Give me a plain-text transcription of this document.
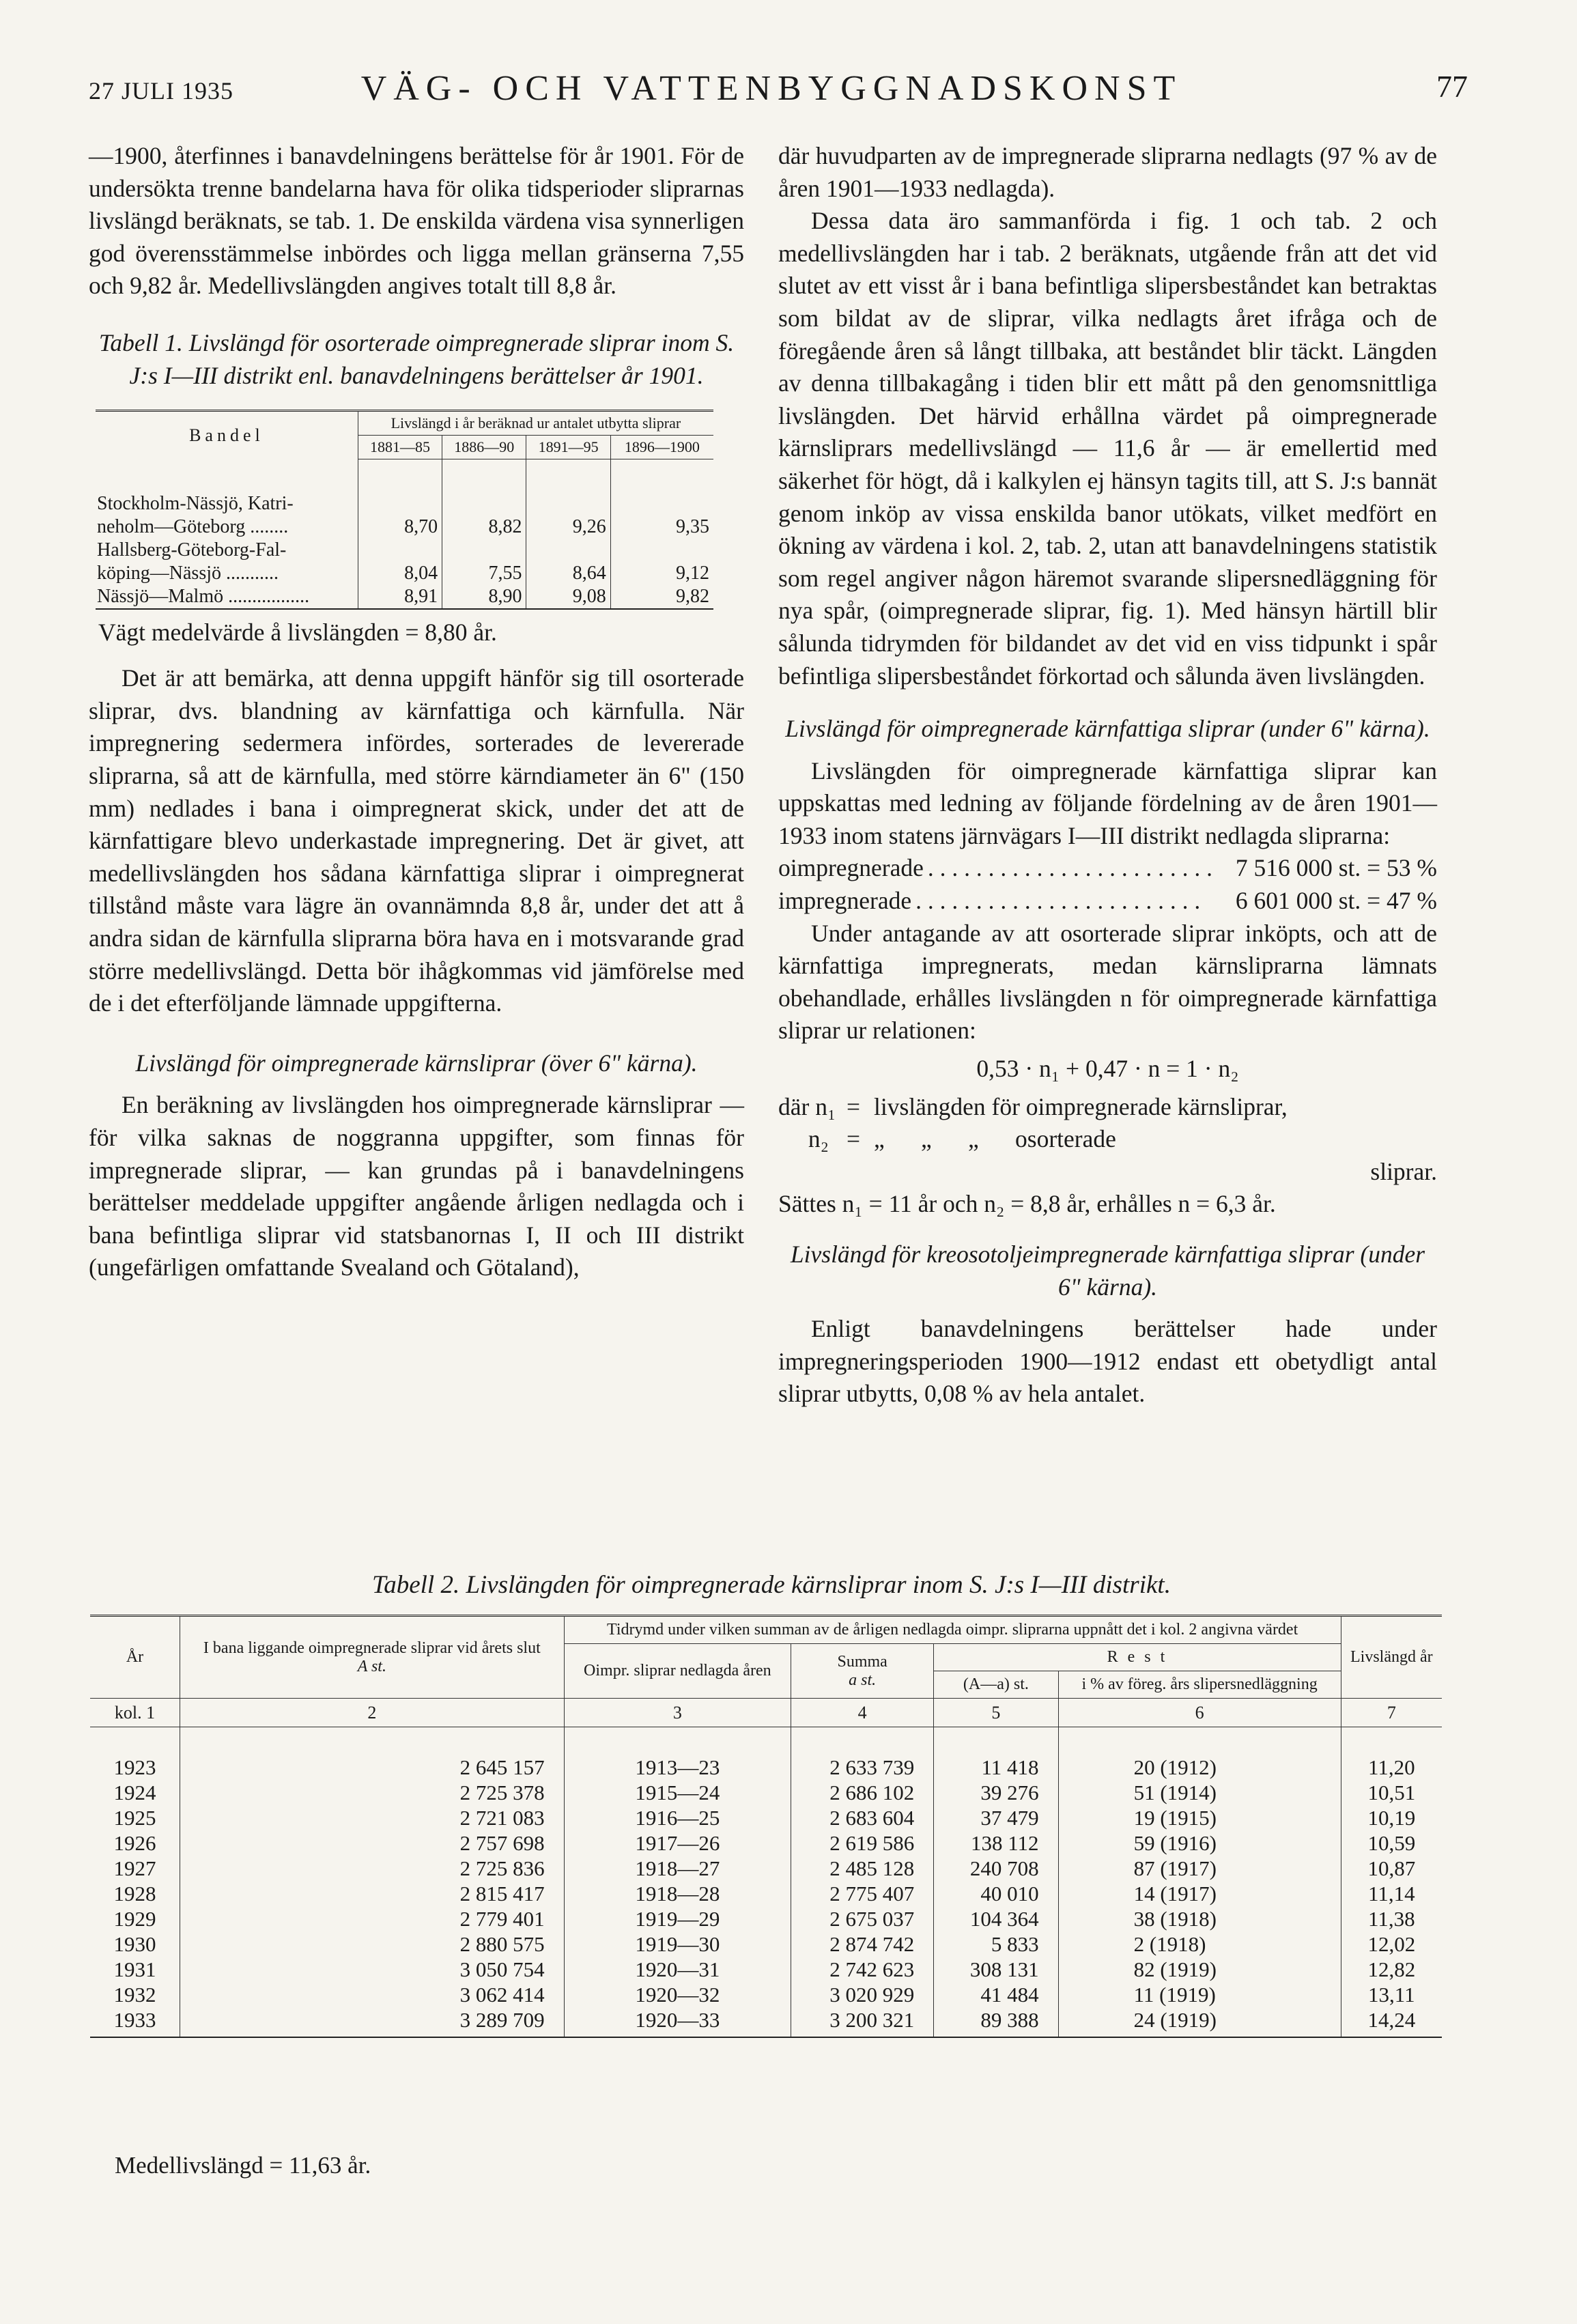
27 JULI 1935	VÄG- OCH VATTENBYGGNADSKONST	77

—1900, återfinnes i banavdelningens berättelse för år 1901. För de undersökta trenne bandelarna hava för olika tidsperioder sliprarnas livslängd beräknats, se tab. 1. De enskilda värdena visa synnerligen god överensstämmelse inbördes och ligga mellan gränserna 7,55 och 9,82 år. Medellivslängden angives totalt till 8,8 år.

Tabell 1. Livslängd för osorterade oimpregnerade sliprar inom S. J:s I—III distrikt enl. banavdelningens berättelser år 1901.

Bandel	Livslängd i år beräknad ur antalet utbytta sliprar			
	1881—85	1886—90	1891—95	1896—1900
Stockholm-Nässjö, Katri-
neholm—Göteborg ........	8,70	8,82	9,26	9,35
Hallsberg-Göteborg-Fal-
köping—Nässjö ...........	8,04	7,55	8,64	9,12
Nässjö—Malmö .................	8,91	8,90	9,08	9,82

Vägt medelvärde å livslängden = 8,80 år.

Det är att bemärka, att denna uppgift hänför sig till osorterade sliprar, dvs. blandning av kärnfattiga och kärnfulla. När impregnering sedermera infördes, sorterades de levererade sliprarna, så att de kärnfulla, med större kärndiameter än 6" (150 mm) nedlades i bana i oimpregnerat skick, under det att de kärnfattigare blevo underkastade impregnering. Det är givet, att medellivslängden hos sådana kärnfattiga sliprar i oimpregnerat tillstånd måste vara lägre än ovannämnda 8,8 år, under det att å andra sidan de kärnfulla sliprarna böra hava en i motsvarande grad större medellivslängd. Detta bör ihågkommas vid jämförelse med de i det efterföljande lämnade uppgifterna.

Livslängd för oimpregnerade kärnsliprar (över 6" kärna).

En beräkning av livslängden hos oimpregnerade kärnsliprar — för vilka saknas de noggranna uppgifter, som finnas för impregnerade sliprar, — kan grundas på i banavdelningens berättelser meddelade uppgifter angående årligen nedlagda och i bana befintliga sliprar vid statsbanornas I, II och III distrikt (ungefärligen omfattande Svealand och Götaland),

där huvudparten av de impregnerade sliprarna nedlagts (97 % av de åren 1901—1933 nedlagda).

Dessa data äro sammanförda i fig. 1 och tab. 2 och medellivslängden har i tab. 2 beräknats, utgående från att det vid slutet av ett visst år i bana befintliga slipersbeståndet kan betraktas som bildat av de sliprar, vilka nedlagts året ifråga och de föregående åren så långt tillbaka, att beståndet blir täckt. Längden av denna tillbakagång i tiden blir ett mått på den genomsnittliga livslängden. Det härvid erhållna värdet på oimpregnerade kärnsliprars medellivslängd — 11,6 år — är emellertid med säkerhet för högt, då i kalkylen ej hänsyn tagits till, att S. J:s bannät genom inköp av vissa enskilda banor utökats, vilket medfört en ökning av värdena i kol. 2, tab. 2, utan att banavdelningens statistik som regel angiver någon häremot svarande slipersnedläggning för nya spår, (oimpregnerade sliprar, fig. 1). Med hänsyn härtill blir sålunda tidrymden för bildandet av det vid en viss tidpunkt i spår befintliga slipersbeståndet förkortad och sålunda även livslängden.

Livslängd för oimpregnerade kärnfattiga sliprar (under 6" kärna).

Livslängden för oimpregnerade kärnfattiga sliprar kan uppskattas med ledning av följande fördelning av de åren 1901—1933 inom statens järnvägars I—III distrikt nedlagda sliprarna:

oimpregnerade . . . . . . . . . . . . . . . . . . . . . . . . 7 516 000 st. = 53 %
impregnerade . . . . . . . . . . . . . . . . . . . . . . . .	6 601 000 st. = 47 %

Under antagande av att osorterade sliprar inköpts, och att de kärnfattiga impregnerats, medan kärnsliprarna lämnats obehandlade, erhålles livslängden n för oimpregnerade kärnfattiga sliprar ur relationen:

0,53 · n₁ + 0,47 · n = 1 · n₂

där n₁ = livslängden för oimpregnerade kärnsliprar,
n₂ = „      „      „      osorterade
sliprar.

Sättes n₁ = 11 år och n₂ = 8,8 år, erhålles n = 6,3 år.

Livslängd för kreosotoljeimpregnerade kärnfattiga sliprar (under 6" kärna).

Enligt banavdelningens berättelser hade under impregneringsperioden 1900—1912 endast ett obetydligt antal sliprar utbytts, 0,08 % av hela antalet.

Tabell 2. Livslängden för oimpregnerade kärnsliprar inom S. J:s I—III distrikt.
År	I bana liggande oimpregnerade sliprar vid årets slut
A st.	Tidrymd under vilken summan av de årligen nedlagda oimpr. sliprarna uppnått det i kol. 2 angivna värdet				Livslängd år
		Oimpr. sliprar nedlagda åren	Summa
a st.	R e s t		
				(A—a) st.	i % av föreg. års slipersnedläggning	
kol. 1	2	3	4	5	6	7
1923	2 645 157	1913—23	2 633 739	11 418	20 (1912)	11,20
1924	2 725 378	1915—24	2 686 102	39 276	51 (1914)	10,51
1925	2 721 083	1916—25	2 683 604	37 479	19 (1915)	10,19
1926	2 757 698	1917—26	2 619 586	138 112	59 (1916)	10,59
1927	2 725 836	1918—27	2 485 128	240 708	87 (1917)	10,87
1928	2 815 417	1918—28	2 775 407	40 010	14 (1917)	11,14
1929	2 779 401	1919—29	2 675 037	104 364	38 (1918)	11,38
1930	2 880 575	1919—30	2 874 742	5 833	2 (1918)	12,02
1931	3 050 754	1920—31	2 742 623	308 131	82 (1919)	12,82
1932	3 062 414	1920—32	3 020 929	41 484	11 (1919)	13,11
1933	3 289 709	1920—33	3 200 321	89 388	24 (1919)	14,24
Medellivslängd = 11,63 år.
